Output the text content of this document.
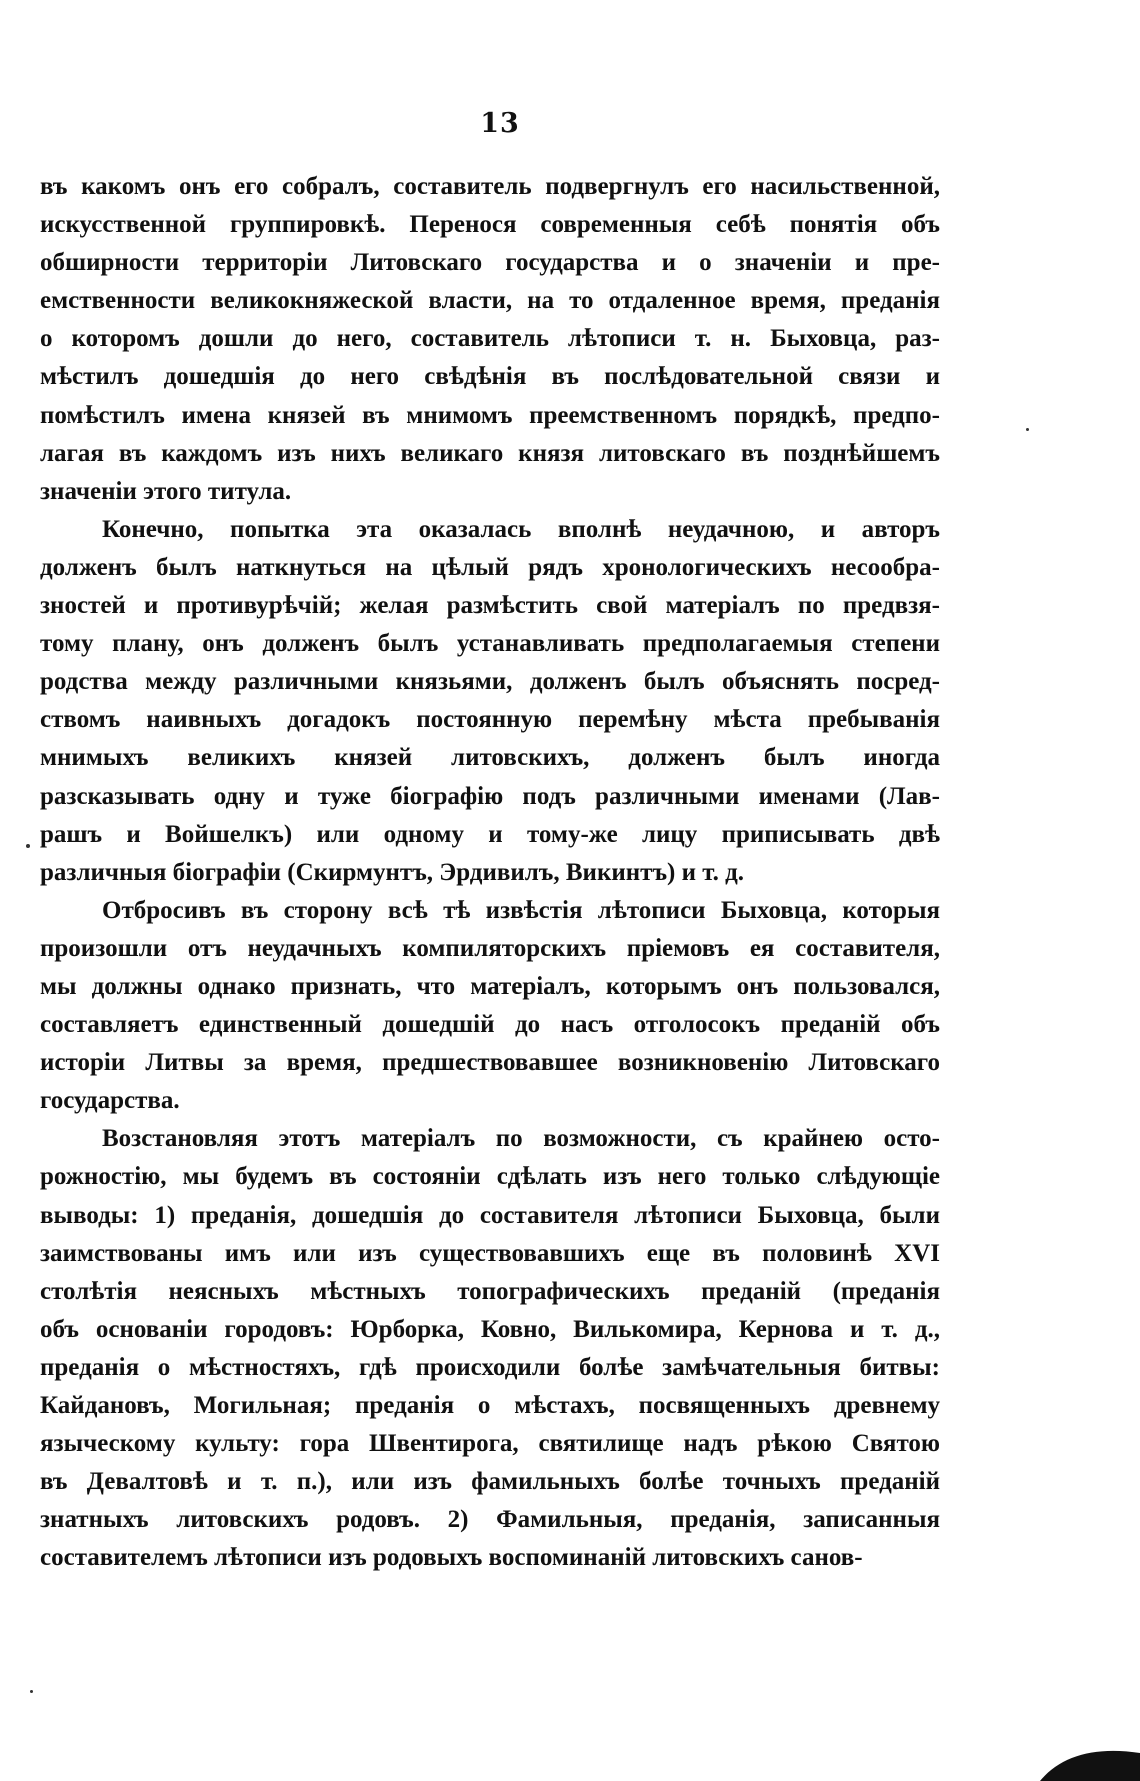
13
въ какомъ онъ его собралъ, составитель подвергнулъ его насильственной,
искусственной группировкѣ. Перенося современныя себѣ понятія объ
обширности территоріи Литовскаго государства и о значеніи и пре-
емственности великокняжеской власти, на то отдаленное время, преданія
о которомъ дошли до него, составитель лѣтописи т. н. Быховца, раз-
мѣстилъ дошедшія до него свѣдѣнія въ послѣдовательной связи и
помѣстилъ имена князей въ мнимомъ преемственномъ порядкѣ, предпо-
лагая въ каждомъ изъ нихъ великаго князя литовскаго въ позднѣйшемъ
значеніи этого титула.
Конечно, попытка эта оказалась вполнѣ неудачною, и авторъ
долженъ былъ наткнуться на цѣлый рядъ хронологическихъ несообра-
зностей и противурѣчій; желая размѣстить свой матеріалъ по предвзя-
тому плану, онъ долженъ былъ устанавливать предполагаемыя степени
родства между различными князьями, долженъ былъ объяснять посред-
ствомъ наивныхъ догадокъ постоянную перемѣну мѣста пребыванія
мнимыхъ великихъ князей литовскихъ, долженъ былъ иногда
разсказывать одну и туже біографію подъ различными именами (Лав-
рашъ и Войшелкъ) или одному и тому-же лицу приписывать двѣ
различныя біографіи (Скирмунтъ, Эрдивилъ, Викинтъ) и т. д.
Отбросивъ въ сторону всѣ тѣ извѣстія лѣтописи Быховца, которыя
произошли отъ неудачныхъ компиляторскихъ пріемовъ ея составителя,
мы должны однако признать, что матеріалъ, которымъ онъ пользовался,
составляетъ единственный дошедшій до насъ отголосокъ преданій объ
исторіи Литвы за время, предшествовавшее возникновенію Литовскаго
государства.
Возстановляя этотъ матеріалъ по возможности, съ крайнею осто-
рожностію, мы будемъ въ состояніи сдѣлать изъ него только слѣдующіе
выводы: 1) преданія, дошедшія до составителя лѣтописи Быховца, были
заимствованы имъ или изъ существовавшихъ еще въ половинѣ XVI
столѣтія неясныхъ мѣстныхъ топографическихъ преданій (преданія
объ основаніи городовъ: Юрборка, Ковно, Вилькомира, Кернова и т. д.,
преданія о мѣстностяхъ, гдѣ происходили болѣе замѣчательныя битвы:
Кайдановъ, Могильная; преданія о мѣстахъ, посвященныхъ древнему
языческому культу: гора Швентирога, святилище надъ рѣкою Святою
въ Девалтовѣ и т. п.), или изъ фамильныхъ болѣе точныхъ преданій
знатныхъ литовскихъ родовъ. 2) Фамильныя, преданія, записанныя
составителемъ лѣтописи изъ родовыхъ воспоминаній литовскихъ санов-
